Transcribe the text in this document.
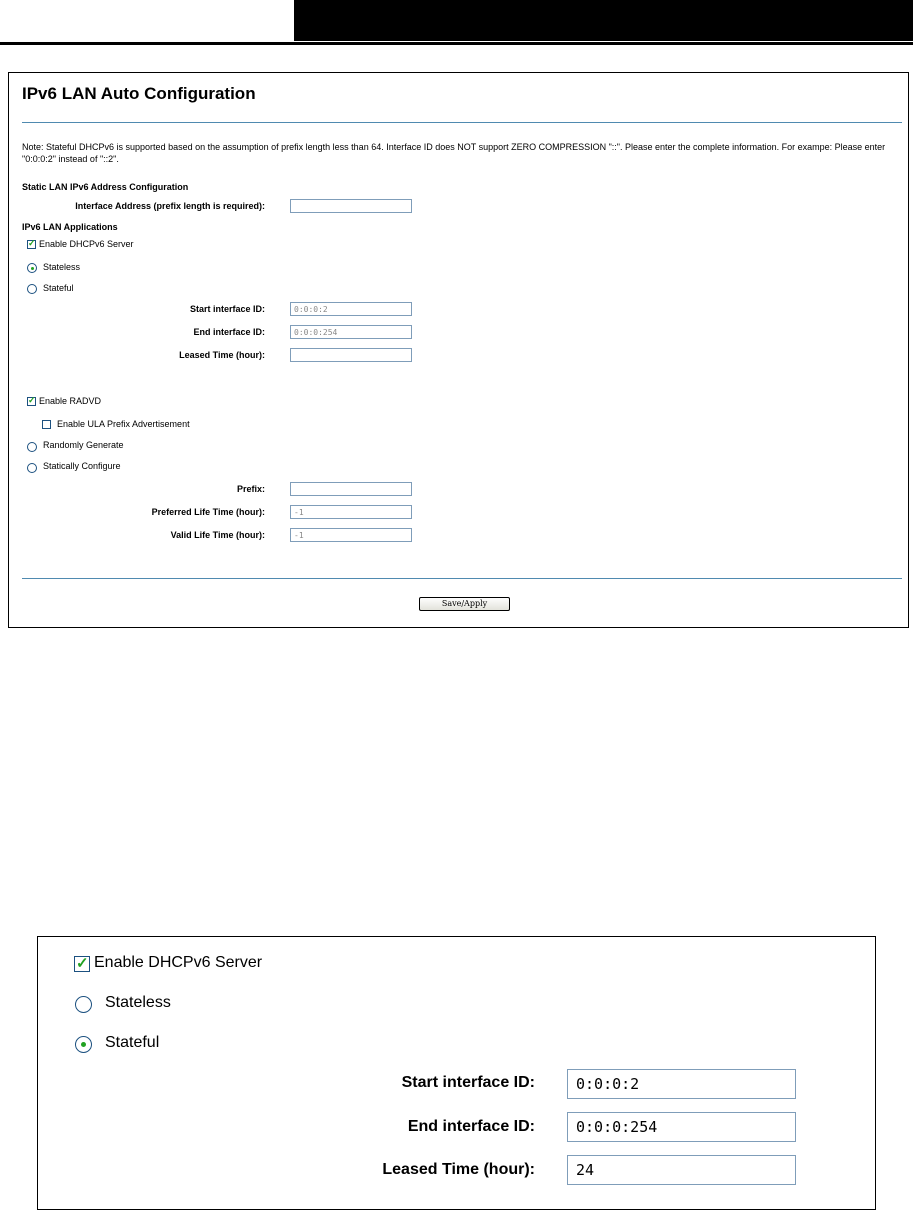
IPv6 LAN Auto Configuration
Note: Stateful DHCPv6 is supported based on the assumption of prefix length less than 64. Interface ID does NOT support ZERO COMPRESSION "::". Please enter the complete information. For exampe: Please enter "0:0:0:2" instead of "::2".
Static LAN IPv6 Address Configuration
Interface Address (prefix length is required):
IPv6 LAN Applications
✓
Enable DHCPv6 Server
Stateless
Stateful
Start interface ID:
0:0:0:2
End interface ID:
0:0:0:254
Leased Time (hour):
✓
Enable RADVD
Enable ULA Prefix Advertisement
Randomly Generate
Statically Configure
Prefix:
Preferred Life Time (hour):
-1
Valid Life Time (hour):
-1
Save/Apply
✓
Enable DHCPv6 Server
Stateless
Stateful
Start interface ID:
0:0:0:2
End interface ID:
0:0:0:254
Leased Time (hour):
24
